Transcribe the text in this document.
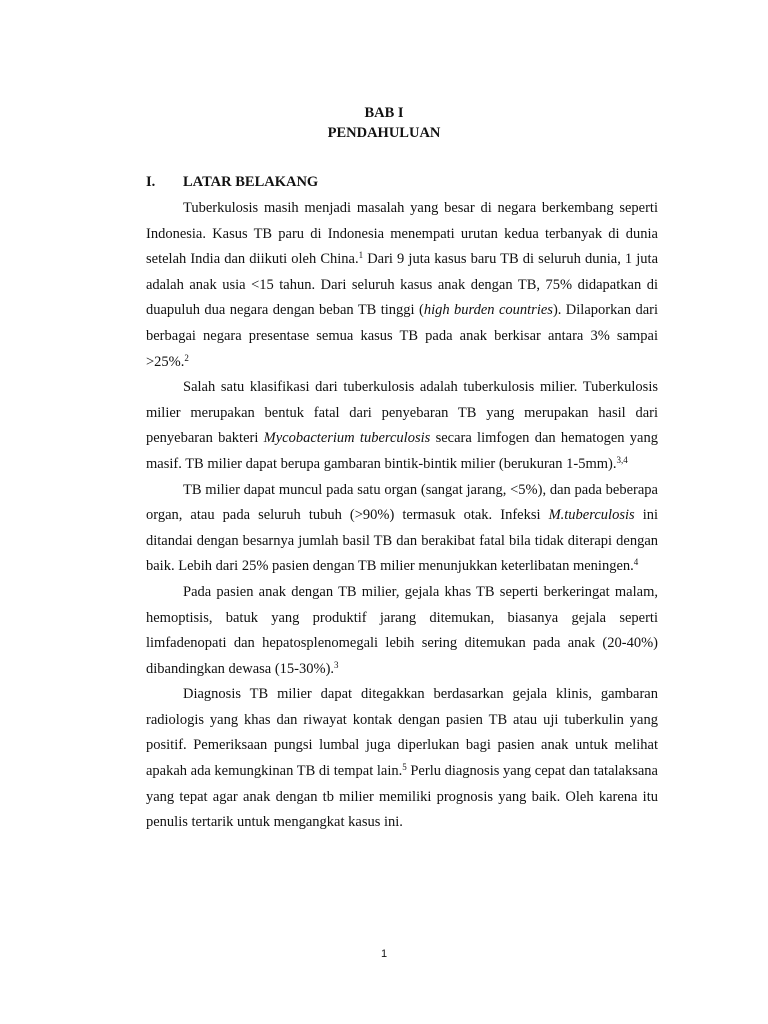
BAB I
PENDAHULUAN
I. LATAR BELAKANG

Tuberkulosis masih menjadi masalah yang besar di negara berkembang seperti Indonesia. Kasus TB paru di Indonesia menempati urutan kedua terbanyak di dunia setelah India dan diikuti oleh China.$^1$ Dari 9 juta kasus baru TB di seluruh dunia, 1 juta adalah anak usia <15 tahun. Dari seluruh kasus anak dengan TB, 75% didapatkan di duapuluh dua negara dengan beban TB tinggi (high burden countries). Dilaporkan dari berbagai negara presentase semua kasus TB pada anak berkisar antara 3% sampai >25%.$^2$

Salah satu klasifikasi dari tuberkulosis adalah tuberkulosis milier. Tuberkulosis milier merupakan bentuk fatal dari penyebaran TB yang merupakan hasil dari penyebaran bakteri Mycobacterium tuberculosis secara limfogen dan hematogen yang masif. TB milier dapat berupa gambaran bintik-bintik milier (berukuran 1-5mm).$^{3,4}$

TB milier dapat muncul pada satu organ (sangat jarang, <5%), dan pada beberapa organ, atau pada seluruh tubuh (>90%) termasuk otak. Infeksi M.tuberculosis ini ditandai dengan besarnya jumlah basil TB dan berakibat fatal bila tidak diterapi dengan baik. Lebih dari 25% pasien dengan TB milier menunjukkan keterlibatan meningen.$^4$

Pada pasien anak dengan TB milier, gejala khas TB seperti berkeringat malam, hemoptisis, batuk yang produktif jarang ditemukan, biasanya gejala seperti limfadenopati dan hepatosplenomegali lebih sering ditemukan pada anak (20-40%) dibandingkan dewasa (15-30%).$^3$

Diagnosis TB milier dapat ditegakkan berdasarkan gejala klinis, gambaran radiologis yang khas dan riwayat kontak dengan pasien TB atau uji tuberkulin yang positif. Pemeriksaan pungsi lumbal juga diperlukan bagi pasien anak untuk melihat apakah ada kemungkinan TB di tempat lain.$^5$ Perlu diagnosis yang cepat dan tatalaksana yang tepat agar anak dengan tb milier memiliki prognosis yang baik. Oleh karena itu penulis tertarik untuk mengangkat kasus ini.

1
